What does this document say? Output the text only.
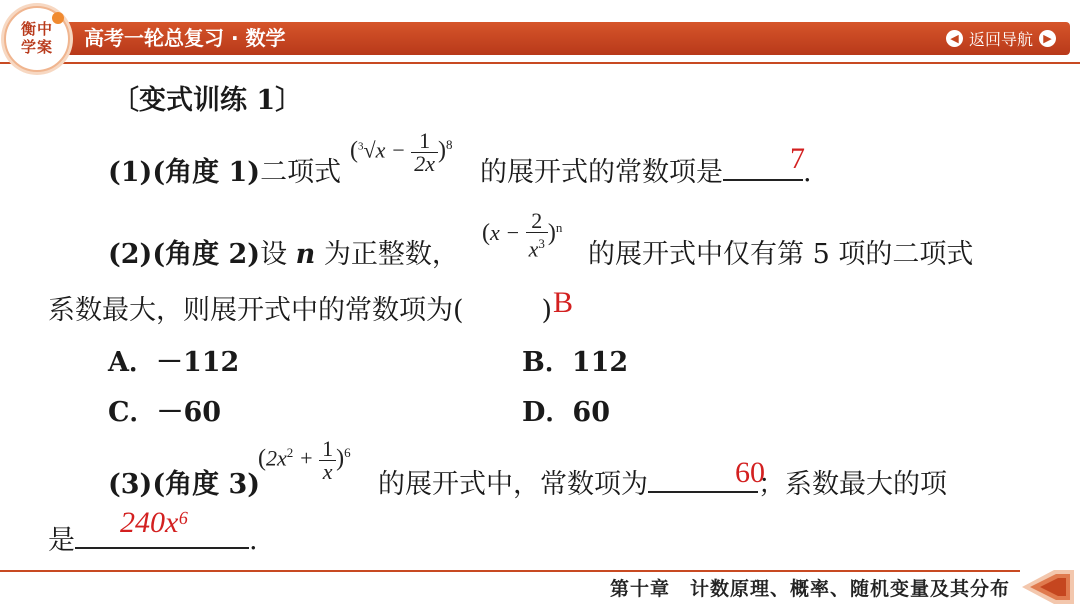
衡中学案	高考一轮总复习 · 数学	◀ 返回导航 ▶
〔变式训练 1〕
(1)(角度 1)二项式
$(^3√x - \frac{1}{2x} )^8$
的展开式的常数项是	.
7
(2)(角度 2)设 n 为正整数，
$(x - \frac{2}{x^3} )^n$
的展开式中仅有第 5 项的二项式
系数最大，则展开式中的常数项为(	) B
A．－112	B．112
C．－60	D．60
(3)(角度 3)
$(2x^2 + \frac{1}{x} )^6$
的展开式中，常数项为	；系数最大的项
60
是	.
240x⁶
第十章　计数原理、概率、随机变量及其分布
